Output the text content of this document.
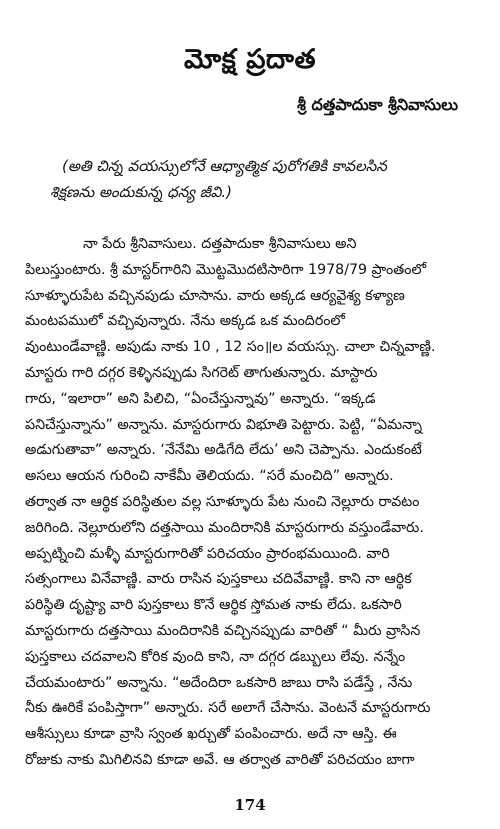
మోక్ష ప్రదాత
శ్రీ దత్తపాదుకా శ్రీనివాసులు
(అతి చిన్న వయస్సులోనే ఆధ్యాత్మిక పురోగతికి కావలసిన
శిక్షణను అందుకున్న ధన్య జీవి.)
నా పేరు శ్రీనివాసులు. దత్తపాదుకా శ్రీనివాసులు అని
పిలుస్తుంటారు. శ్రీ మాస్టర్‌గారిని మొట్టమొదటిసారిగా 1978/79 ప్రాంతంలో
సూళ్ళూరుపేట వచ్చినపుడు చూసాను. వారు అక్కడ ఆర్యవైశ్య కళ్యాణ
మంటపములో వచ్చివున్నారు. నేను అక్కడ ఒక మందిరంలో
వుంటుండేవాణ్ణి. అపుడు నాకు 10 , 12 సం॥ల వయస్సు. చాలా చిన్నవాణ్ణి.
మాస్టరు గారి దగ్గర కెళ్ళినప్పుడు సిగరెట్ తాగుతున్నారు. మాస్టారు
గారు, “ఇలారా” అని పిలిచి, “ఏంచేస్తున్నావు” అన్నారు. “ఇక్కడ
పనిచేస్తున్నాను” అన్నాను. మాస్టరుగారు విభూతి పెట్టారు. పెట్టి, “ఏమన్నా
అడుగుతావా” అన్నారు. ‘నేనేమి అడిగేది లేదు’ అని చెప్పాను. ఎందుకంటే
అసలు ఆయన గురించి నాకేమీ తెలియదు. “సరే మంచిది” అన్నారు.
తర్వాత నా ఆర్థిక పరిస్థితుల వల్ల సూళ్ళూరు పేట నుంచి నెల్లూరు రావటం
జరిగింది. నెల్లూరులోని దత్తసాయి మందిరానికి మాస్టరుగారు వస్తుండేవారు.
అప్పట్నించి మళ్ళీ మాస్టరుగారితో పరిచయం ప్రారంభమయింది. వారి
సత్సంగాలు వినేవాణ్ణి. వారు రాసిన పుస్తకాలు చదివేవాణ్ణి. కాని నా ఆర్థిక
పరిస్థితి దృష్ట్యా వారి పుస్తకాలు కొనే ఆర్థిక స్తోమత నాకు లేదు. ఒకసారి
మాస్టరుగారు దత్తసాయి మందిరానికి వచ్చినప్పుడు వారితో “ మీరు వ్రాసిన
పుస్తకాలు చదవాలని కోరిక వుంది కాని, నా దగ్గర డబ్బులు లేవు. నన్నేం
చేయమంటారు” అన్నాను. “అదేందిరా ఒకసారి జాబు రాసి పడేస్తే , నేను
నీకు ఊరికే పంపిస్తాగా” అన్నారు. సరే అలాగే చేసాను. వెంటనే మాస్టరుగారు
ఆశీస్సులు కూడా వ్రాసి స్వంత ఖర్చుతో పంపించారు. అదే నా ఆస్తి. ఈ
రోజుకు నాకు మిగిలినవి కూడా అవే. ఆ తర్వాత వారితో పరిచయం బాగా
174
